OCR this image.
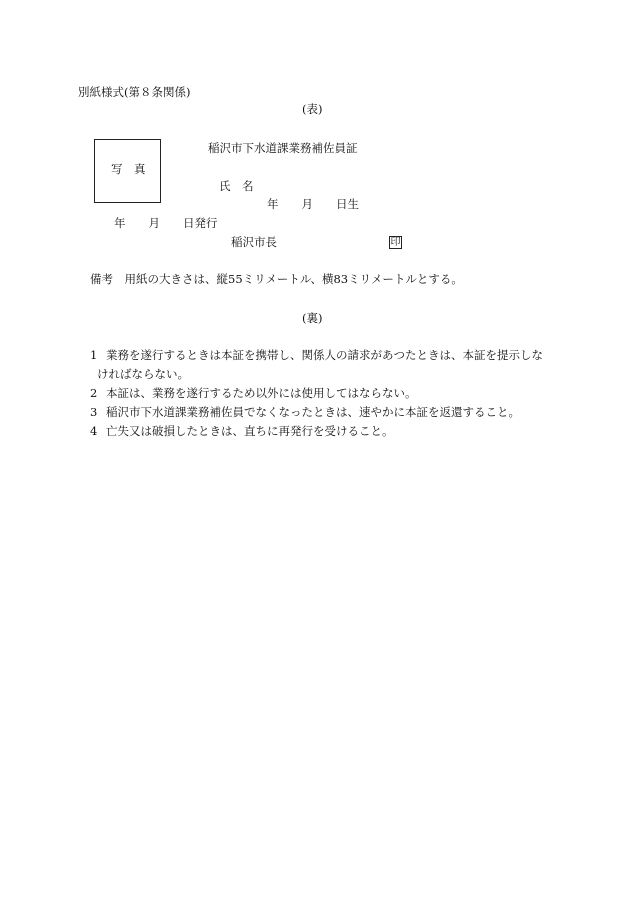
別紙様式(第８条関係)
(表)
写　真
稲沢市下水道課業務補佐員証
氏　名
年　　月　　日生
年　　月　　日発行
稲沢市長	印
備考　用紙の大きさは、縦55ミリメートル、横83ミリメートルとする。
(裏)
1 業務を遂行するときは本証を携帯し、関係人の請求があつたときは、本証を提示しな
ければならない。
2 本証は、業務を遂行するため以外には使用してはならない。
3 稲沢市下水道課業務補佐員でなくなったときは、速やかに本証を返還すること。
4 亡失又は破損したときは、直ちに再発行を受けること。
